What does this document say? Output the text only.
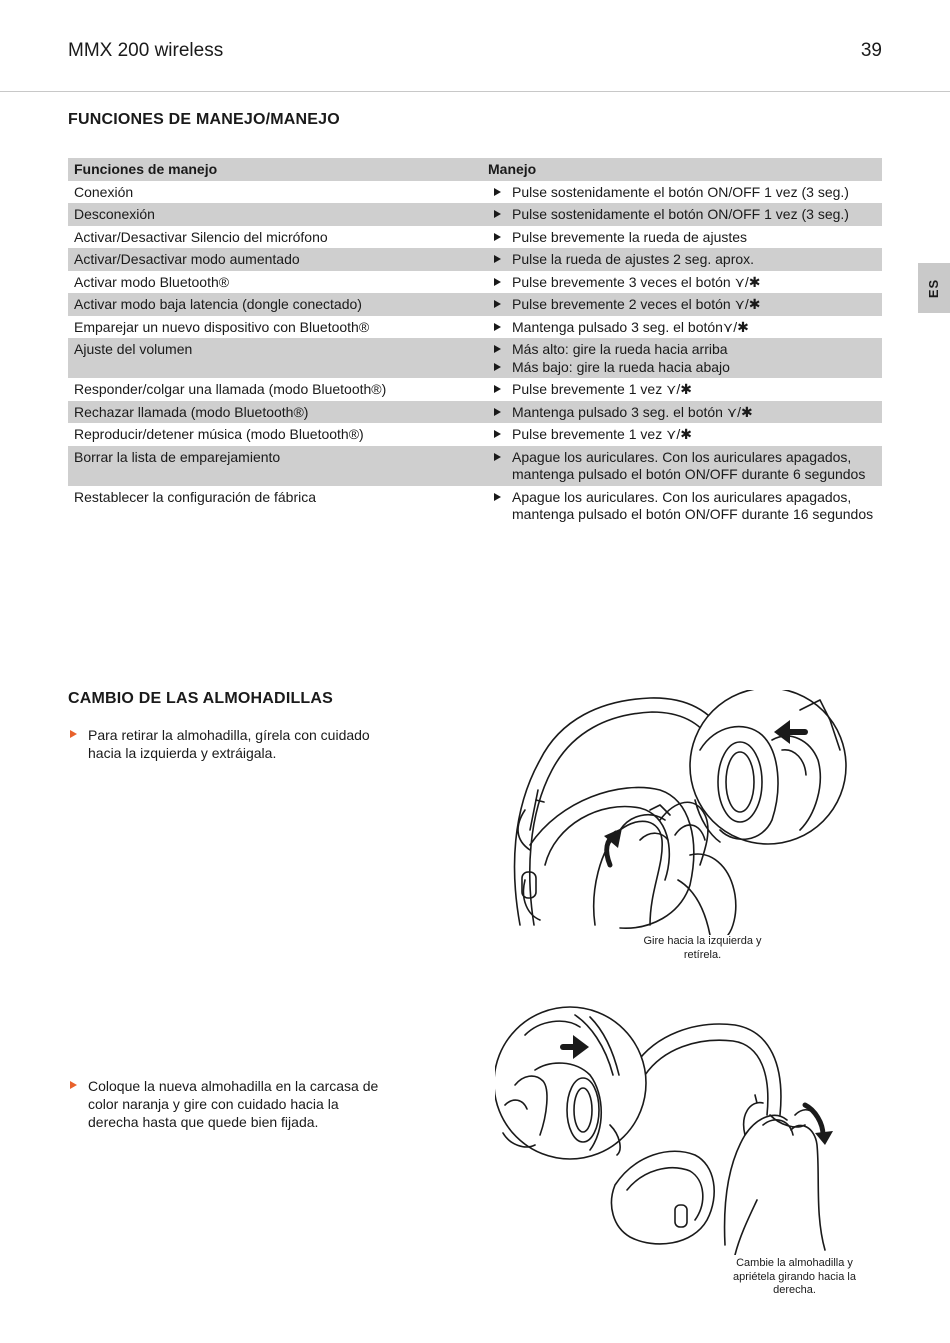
MMX 200 wireless	39
ES
FUNCIONES DE MANEJO/MANEJO
Funciones de manejo	Manejo
Conexión	Pulse sostenidamente el botón ON/OFF 1 vez (3 seg.)

Desconexión	Pulse sostenidamente el botón ON/OFF 1 vez (3 seg.)

Activar/Desactivar Silencio del micrófono	Pulse brevemente la rueda de ajustes

Activar/Desactivar modo aumentado	Pulse la rueda de ajustes 2 seg. aprox.

Activar modo Bluetooth®	Pulse brevemente 3 veces el botón ⋎/✱

Activar modo baja latencia (dongle conectado)	Pulse brevemente 2 veces el botón ⋎/✱

Emparejar un nuevo dispositivo con Bluetooth®	Mantenga pulsado 3 seg. el botón⋎/✱

Ajuste del volumen	Más alto: gire la rueda hacia arriba
Más bajo: gire la rueda hacia abajo

Responder/colgar una llamada (modo Bluetooth®)	Pulse brevemente 1 vez ⋎/✱

Rechazar llamada (modo Bluetooth®)	Mantenga pulsado 3 seg. el botón ⋎/✱

Reproducir/detener música (modo Bluetooth®)	Pulse brevemente 1 vez ⋎/✱

Borrar la lista de emparejamiento	Apague los auriculares. Con los auriculares apagados, mantenga pulsado el botón ON/OFF durante 6 segundos

Restablecer la configuración de fábrica	Apague los auriculares. Con los auriculares apagados, mantenga pulsado el botón ON/OFF durante 16 segundos
CAMBIO DE LAS ALMOHADILLAS
Para retirar la almohadilla, gírela con cuidado hacia la izquierda y extráigala.
Coloque la nueva almohadilla en la carcasa de color naranja y gire con cuidado hacia la derecha hasta que quede bien fijada.
Gire hacia la izquierda y retírela.
Cambie la almohadilla y apriétela girando hacia la derecha.
